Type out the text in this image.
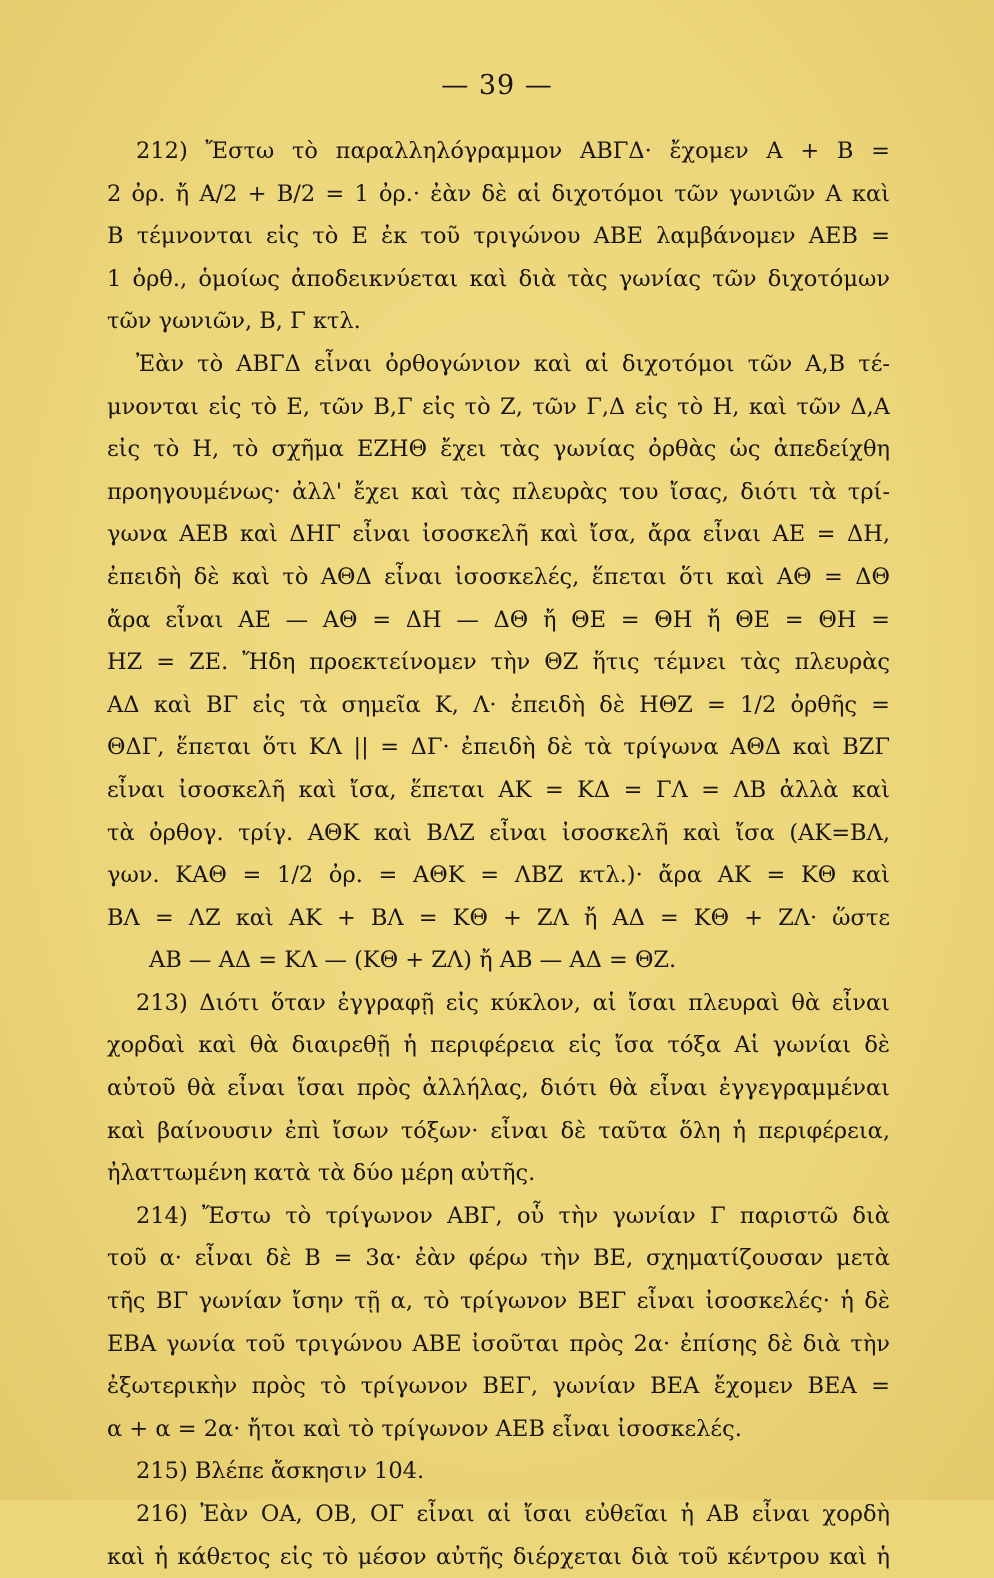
— 39 —
212) Ἔστω τὸ παραλληλόγραμμον ΑΒΓΔ· ἔχομεν Α + Β =
2 ὀρ. ἤ Α/2 + Β/2 = 1 ὀρ.· ἐὰν δὲ αἱ διχοτόμοι τῶν γωνιῶν Α καὶ
Β τέμνονται εἰς τὸ Ε ἐκ τοῦ τριγώνου ΑΒΕ λαμβάνομεν ΑΕΒ =
1 ὀρθ., ὁμοίως ἀποδεικνύεται καὶ διὰ τὰς γωνίας τῶν διχοτόμων
τῶν γωνιῶν, Β, Γ κτλ.
Ἐὰν τὸ ΑΒΓΔ εἶναι ὀρθογώνιον καὶ αἱ διχοτόμοι τῶν Α,Β τέ-
μνονται εἰς τὸ Ε, τῶν Β,Γ εἰς τὸ Ζ, τῶν Γ,Δ εἰς τὸ Η, καὶ τῶν Δ,Α
εἰς τὸ Η, τὸ σχῆμα ΕΖΗΘ ἔχει τὰς γωνίας ὀρθὰς ὡς ἀπεδείχθη
προηγουμένως· ἀλλ' ἔχει καὶ τὰς πλευρὰς του ἴσας, διότι τὰ τρί-
γωνα ΑΕΒ καὶ ΔΗΓ εἶναι ἰσοσκελῆ καὶ ἴσα, ἄρα εἶναι ΑΕ = ΔΗ,
ἐπειδὴ δὲ καὶ τὸ ΑΘΔ εἶναι ἰσοσκελές, ἕπεται ὅτι καὶ ΑΘ = ΔΘ
ἄρα εἶναι ΑΕ — ΑΘ = ΔΗ — ΔΘ ἤ ΘΕ = ΘΗ ἤ ΘΕ = ΘΗ =
ΗΖ = ΖΕ. Ἤδη προεκτείνομεν τὴν ΘΖ ἥτις τέμνει τὰς πλευρὰς
ΑΔ καὶ ΒΓ εἰς τὰ σημεῖα Κ, Λ· ἐπειδὴ δὲ ΗΘΖ = 1/2 ὀρθῆς =
ΘΔΓ, ἕπεται ὅτι ΚΛ || = ΔΓ· ἐπειδὴ δὲ τὰ τρίγωνα ΑΘΔ καὶ ΒΖΓ
εἶναι ἰσοσκελῆ καὶ ἴσα, ἕπεται ΑΚ = ΚΔ = ΓΛ = ΛΒ ἀλλὰ καὶ
τὰ ὀρθογ. τρίγ. ΑΘΚ καὶ ΒΛΖ εἶναι ἰσοσκελῆ καὶ ἴσα (ΑΚ=ΒΛ,
γων. ΚΑΘ = 1/2 ὀρ. = ΑΘΚ = ΛΒΖ κτλ.)· ἄρα ΑΚ = ΚΘ καὶ
ΒΛ = ΛΖ καὶ ΑΚ + ΒΛ = ΚΘ + ΖΛ ἤ ΑΔ = ΚΘ + ΖΛ· ὥστε
ΑΒ — ΑΔ = ΚΛ — (ΚΘ + ΖΛ) ἤ ΑΒ — ΑΔ = ΘΖ.
213) Διότι ὅταν ἐγγραφῇ εἰς κύκλον, αἱ ἴσαι πλευραὶ θὰ εἶναι
χορδαὶ καὶ θὰ διαιρεθῇ ἡ περιφέρεια εἰς ἴσα τόξα Αἱ γωνίαι δὲ
αὐτοῦ θὰ εἶναι ἴσαι πρὸς ἀλλήλας, διότι θὰ εἶναι ἐγγεγραμμέναι
καὶ βαίνουσιν ἐπὶ ἴσων τόξων· εἶναι δὲ ταῦτα ὅλη ἡ περιφέρεια,
ἠλαττωμένη κατὰ τὰ δύο μέρη αὐτῆς.
214) Ἔστω τὸ τρίγωνον ΑΒΓ, οὗ τὴν γωνίαν Γ παριστῶ διὰ
τοῦ α· εἶναι δὲ Β = 3α· ἐὰν φέρω τὴν ΒΕ, σχηματίζουσαν μετὰ
τῆς ΒΓ γωνίαν ἴσην τῇ α, τὸ τρίγωνον ΒΕΓ εἶναι ἰσοσκελές· ἡ δὲ
ΕΒΑ γωνία τοῦ τριγώνου ΑΒΕ ἰσοῦται πρὸς 2α· ἐπίσης δὲ διὰ τὴν
ἐξωτερικὴν πρὸς τὸ τρίγωνον ΒΕΓ, γωνίαν ΒΕΑ ἔχομεν ΒΕΑ =
α + α = 2α· ἤτοι καὶ τὸ τρίγωνον ΑΕΒ εἶναι ἰσοσκελές.
215) Βλέπε ἄσκησιν 104.
216) Ἐὰν ΟΑ, ΟΒ, ΟΓ εἶναι αἱ ἴσαι εὐθεῖαι ἡ ΑΒ εἶναι χορδὴ
καὶ ἡ κάθετος εἰς τὸ μέσον αὐτῆς διέρχεται διὰ τοῦ κέντρου καὶ ἡ
